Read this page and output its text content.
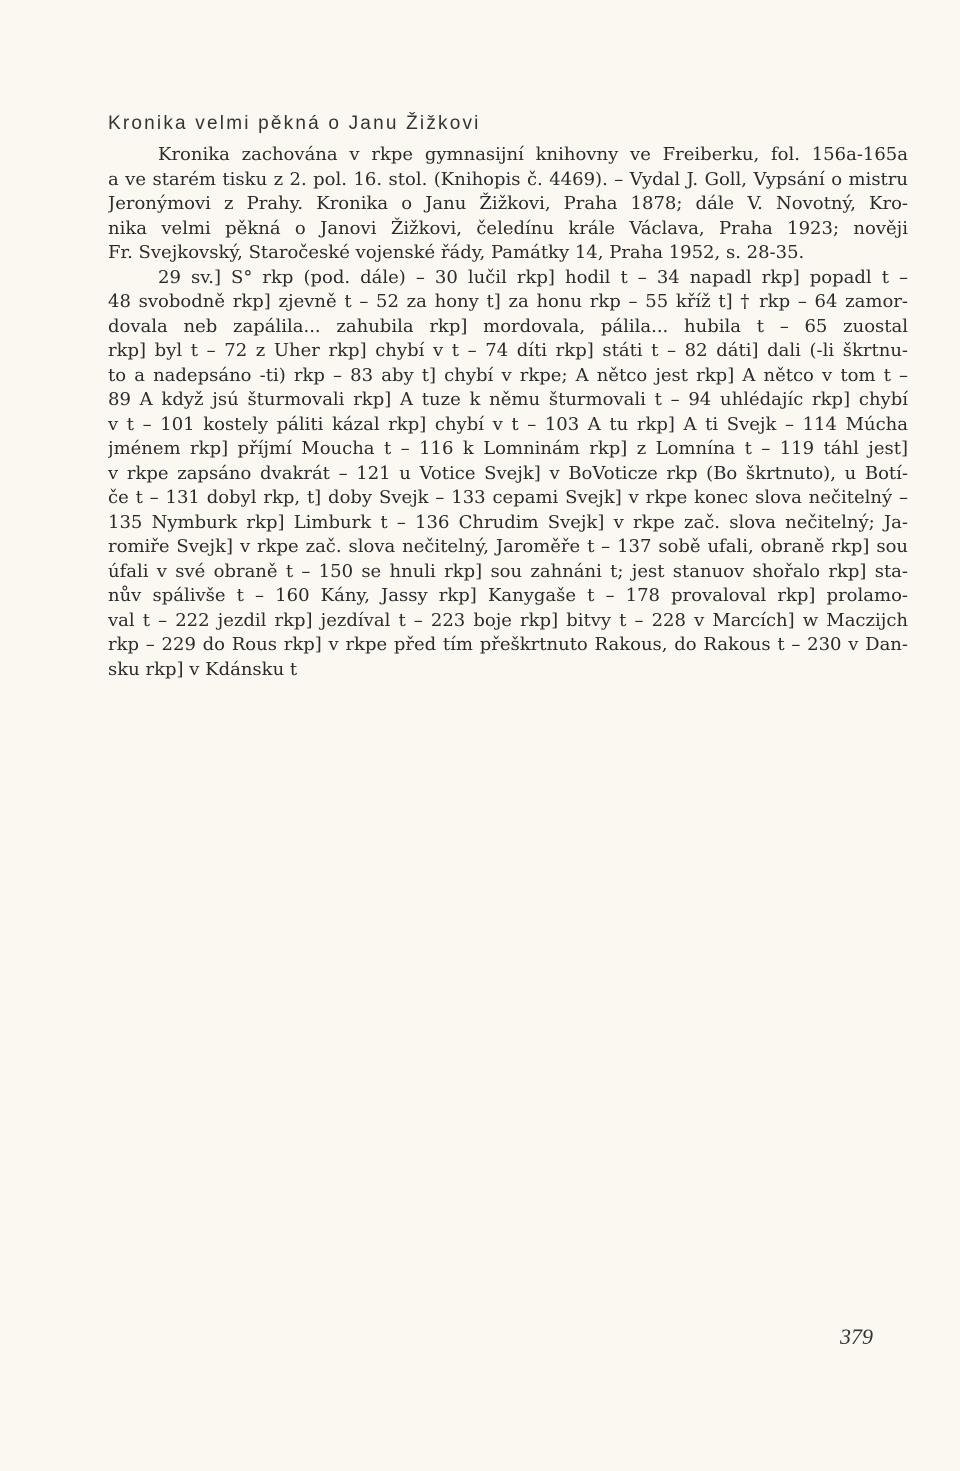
Kronika velmi pěkná o Janu Žižkovi
Kronika zachována v rkpe gymnasijní knihovny ve Freiberku, fol. 156a-165a
a ve starém tisku z 2. pol. 16. stol. (Knihopis č. 4469). – Vydal J. Goll, Vypsání o mistru
Jeronýmovi z Prahy. Kronika o Janu Žižkovi, Praha 1878; dále V. Novotný, Kro-
nika velmi pěkná o Janovi Žižkovi, čeledínu krále Václava, Praha 1923; nověji
Fr. Svejkovský, Staročeské vojenské řády, Památky 14, Praha 1952, s. 28-35.
29 sv.] S° rkp (pod. dále) – 30 lučil rkp] hodil t – 34 napadl rkp] popadl t –
48 svobodně rkp] zjevně t – 52 za hony t] za honu rkp – 55 kříž t] † rkp – 64 zamor-
dovala neb zapálila... zahubila rkp] mordovala, pálila... hubila t – 65 zuostal
rkp] byl t – 72 z Uher rkp] chybí v t – 74 díti rkp] státi t – 82 dáti] dali (-li škrtnu-
to a nadepsáno -ti) rkp – 83 aby t] chybí v rkpe; A nětco jest rkp] A nětco v tom t –
89 A když jsú šturmovali rkp] A tuze k němu šturmovali t – 94 uhlédajíc rkp] chybí
v t – 101 kostely páliti kázal rkp] chybí v t – 103 A tu rkp] A ti Svejk – 114 Múcha
jménem rkp] příjmí Moucha t – 116 k Lomninám rkp] z Lomnína t – 119 táhl jest]
v rkpe zapsáno dvakrát – 121 u Votice Svejk] v BoVoticze rkp (Bo škrtnuto), u Botí-
če t – 131 dobyl rkp, t] doby Svejk – 133 cepami Svejk] v rkpe konec slova nečitelný –
135 Nymburk rkp] Limburk t – 136 Chrudim Svejk] v rkpe zač. slova nečitelný; Ja-
romiře Svejk] v rkpe zač. slova nečitelný, Jaroměře t – 137 sobě ufali, obraně rkp] sou
úfali v své obraně t – 150 se hnuli rkp] sou zahnáni t; jest stanuov shořalo rkp] sta-
nův spálivše t – 160 Kány, Jassy rkp] Kanygaše t – 178 provaloval rkp] prolamo-
val t – 222 jezdil rkp] jezdíval t – 223 boje rkp] bitvy t – 228 v Marcích] w Maczijch
rkp – 229 do Rous rkp] v rkpe před tím přeškrtnuto Rakous, do Rakous t – 230 v Dan-
sku rkp] v Kdánsku t
379
